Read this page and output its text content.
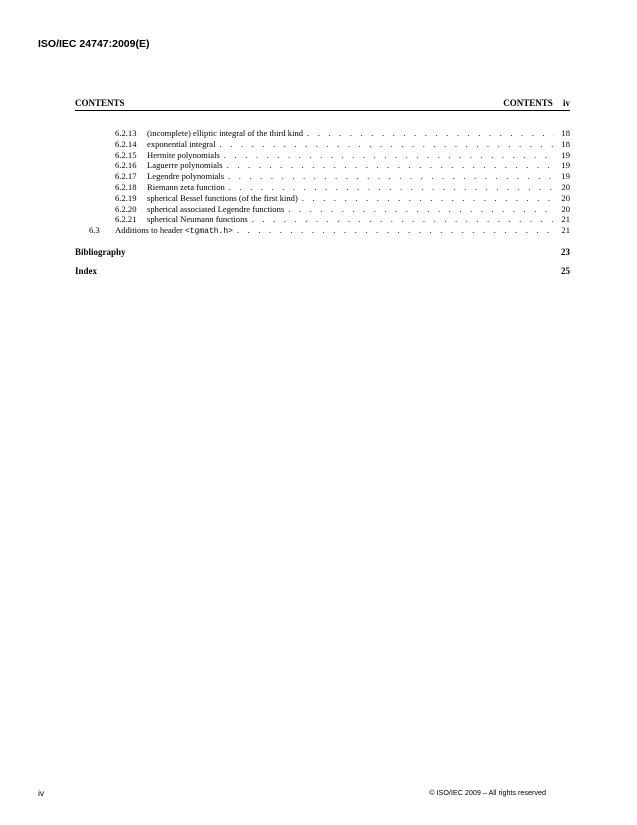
ISO/IEC 24747:2009(E)
CONTENTS	CONTENTS iv
6.2.13	(incomplete) elliptic integral of the third kind . . .	18
6.2.14	exponential integral . . .	18
6.2.15	Hermite polynomials . . .	19
6.2.16	Laguerre polynomials . . .	19
6.2.17	Legendre polynomials . . .	19
6.2.18	Riemann zeta function . . .	20
6.2.19	spherical Bessel functions (of the first kind) . . .	20
6.2.20	spherical associated Legendre functions . . .	20
6.2.21	spherical Neumann functions . . .	21
6.3	Additions to header <tgmath.h> . . .	21
Bibliography	23
Index	25
iv	© ISO/IEC 2009 – All rights reserved
